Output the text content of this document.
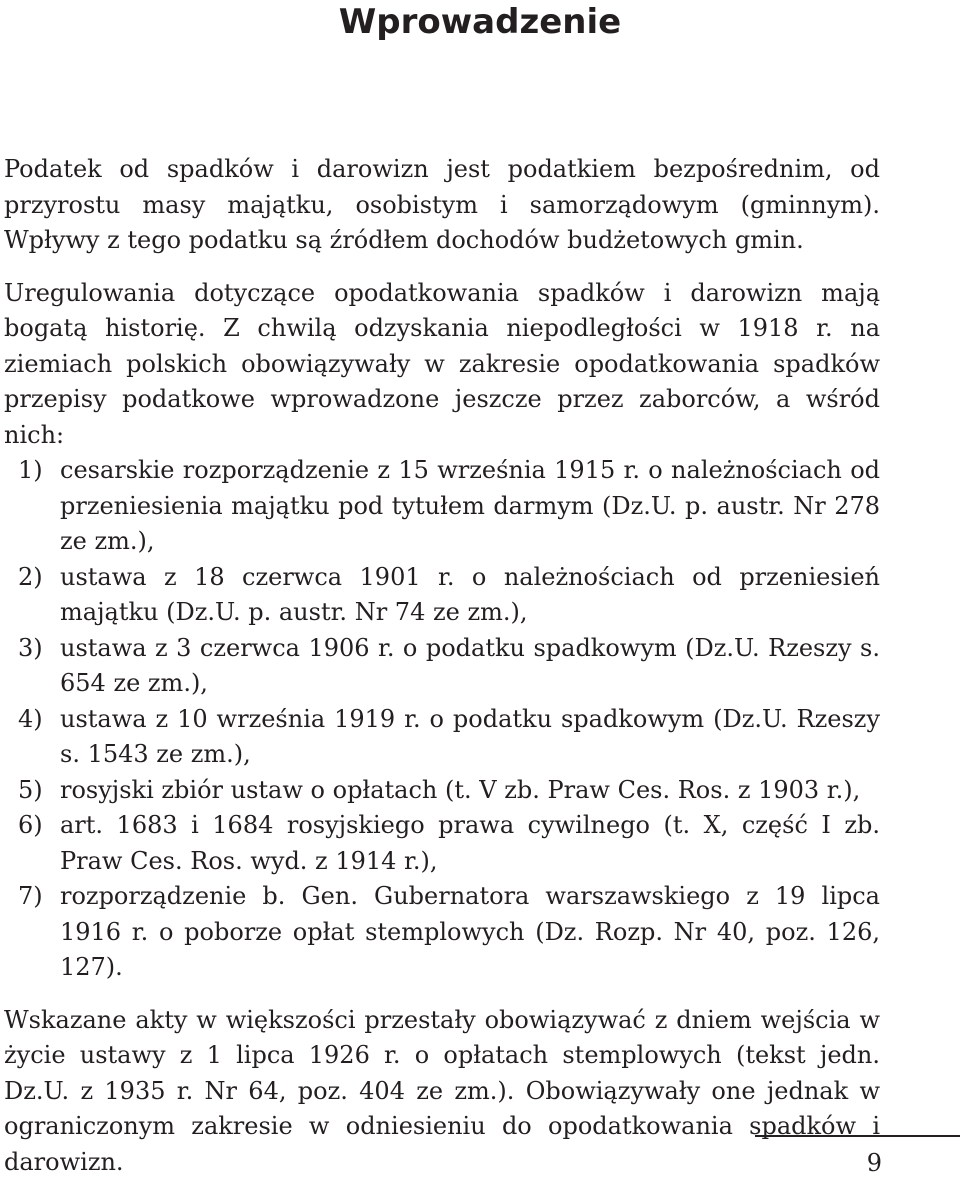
Wprowadzenie

Podatek od spadków i darowizn jest podatkiem bezpośrednim, od przyrostu masy majątku, osobistym i samorządowym (gminnym). Wpływy z tego podatku są źródłem dochodów budżetowych gmin.

Uregulowania dotyczące opodatkowania spadków i darowizn mają bogatą historię. Z chwilą odzyskania niepodległości w 1918 r. na ziemiach polskich obowiązywały w zakresie opodatkowania spadków przepisy podatkowe wprowadzone jeszcze przez zaborców, a wśród nich:

1) cesarskie rozporządzenie z 15 września 1915 r. o należnościach od przeniesienia majątku pod tytułem darmym (Dz.U. p. austr. Nr 278 ze zm.),
2) ustawa z 18 czerwca 1901 r. o należnościach od przeniesień majątku (Dz.U. p. austr. Nr 74 ze zm.),
3) ustawa z 3 czerwca 1906 r. o podatku spadkowym (Dz.U. Rzeszy s. 654 ze zm.),
4) ustawa z 10 września 1919 r. o podatku spadkowym (Dz.U. Rzeszy s. 1543 ze zm.),
5) rosyjski zbiór ustaw o opłatach (t. V zb. Praw Ces. Ros. z 1903 r.),
6) art. 1683 i 1684 rosyjskiego prawa cywilnego (t. X, część I zb. Praw Ces. Ros. wyd. z 1914 r.),
7) rozporządzenie b. Gen. Gubernatora warszawskiego z 19 lipca 1916 r. o poborze opłat stemplowych (Dz. Rozp. Nr 40, poz. 126, 127).

Wskazane akty w większości przestały obowiązywać z dniem wejścia w życie ustawy z 1 lipca 1926 r. o opłatach stemplowych (tekst jedn. Dz.U. z 1935 r. Nr 64, poz. 404 ze zm.). Obowiązywały one jednak w ograniczonym zakresie w odniesieniu do opodatkowania spadków i darowizn.	9
